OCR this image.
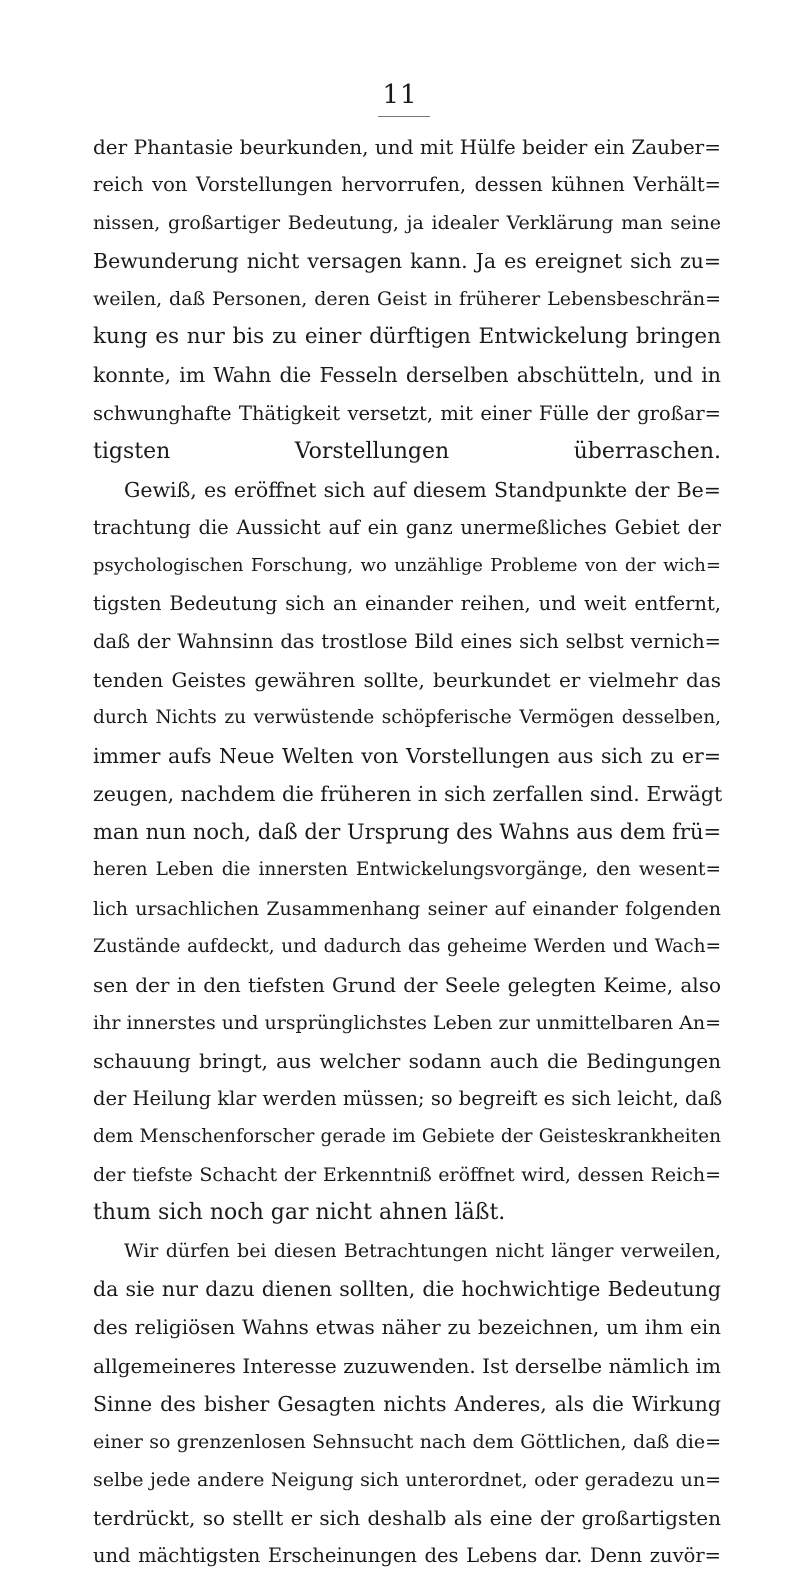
11
der Phantasie beurkunden, und mit Hülfe beider ein Zauber=
reich von Vorstellungen hervorrufen, dessen kühnen Verhält=
nissen, großartiger Bedeutung, ja idealer Verklärung man seine
Bewunderung nicht versagen kann. Ja es ereignet sich zu=
weilen, daß Personen, deren Geist in früherer Lebensbeschrän=
kung es nur bis zu einer dürftigen Entwickelung bringen
konnte, im Wahn die Fesseln derselben abschütteln, und in
schwunghafte Thätigkeit versetzt, mit einer Fülle der großar=
tigsten Vorstellungen überraschen.
Gewiß, es eröffnet sich auf diesem Standpunkte der Be=
trachtung die Aussicht auf ein ganz unermeßliches Gebiet der
psychologischen Forschung, wo unzählige Probleme von der wich=
tigsten Bedeutung sich an einander reihen, und weit entfernt,
daß der Wahnsinn das trostlose Bild eines sich selbst vernich=
tenden Geistes gewähren sollte, beurkundet er vielmehr das
durch Nichts zu verwüstende schöpferische Vermögen desselben,
immer aufs Neue Welten von Vorstellungen aus sich zu er=
zeugen, nachdem die früheren in sich zerfallen sind. Erwägt
man nun noch, daß der Ursprung des Wahns aus dem frü=
heren Leben die innersten Entwickelungsvorgänge, den wesent=
lich ursachlichen Zusammenhang seiner auf einander folgenden
Zustände aufdeckt, und dadurch das geheime Werden und Wach=
sen der in den tiefsten Grund der Seele gelegten Keime, also
ihr innerstes und ursprünglichstes Leben zur unmittelbaren An=
schauung bringt, aus welcher sodann auch die Bedingungen
der Heilung klar werden müssen; so begreift es sich leicht, daß
dem Menschenforscher gerade im Gebiete der Geisteskrankheiten
der tiefste Schacht der Erkenntniß eröffnet wird, dessen Reich=
thum sich noch gar nicht ahnen läßt.
Wir dürfen bei diesen Betrachtungen nicht länger verweilen,
da sie nur dazu dienen sollten, die hochwichtige Bedeutung
des religiösen Wahns etwas näher zu bezeichnen, um ihm ein
allgemeineres Interesse zuzuwenden. Ist derselbe nämlich im
Sinne des bisher Gesagten nichts Anderes, als die Wirkung
einer so grenzenlosen Sehnsucht nach dem Göttlichen, daß die=
selbe jede andere Neigung sich unterordnet, oder geradezu un=
terdrückt, so stellt er sich deshalb als eine der großartigsten
und mächtigsten Erscheinungen des Lebens dar. Denn zuvör=
